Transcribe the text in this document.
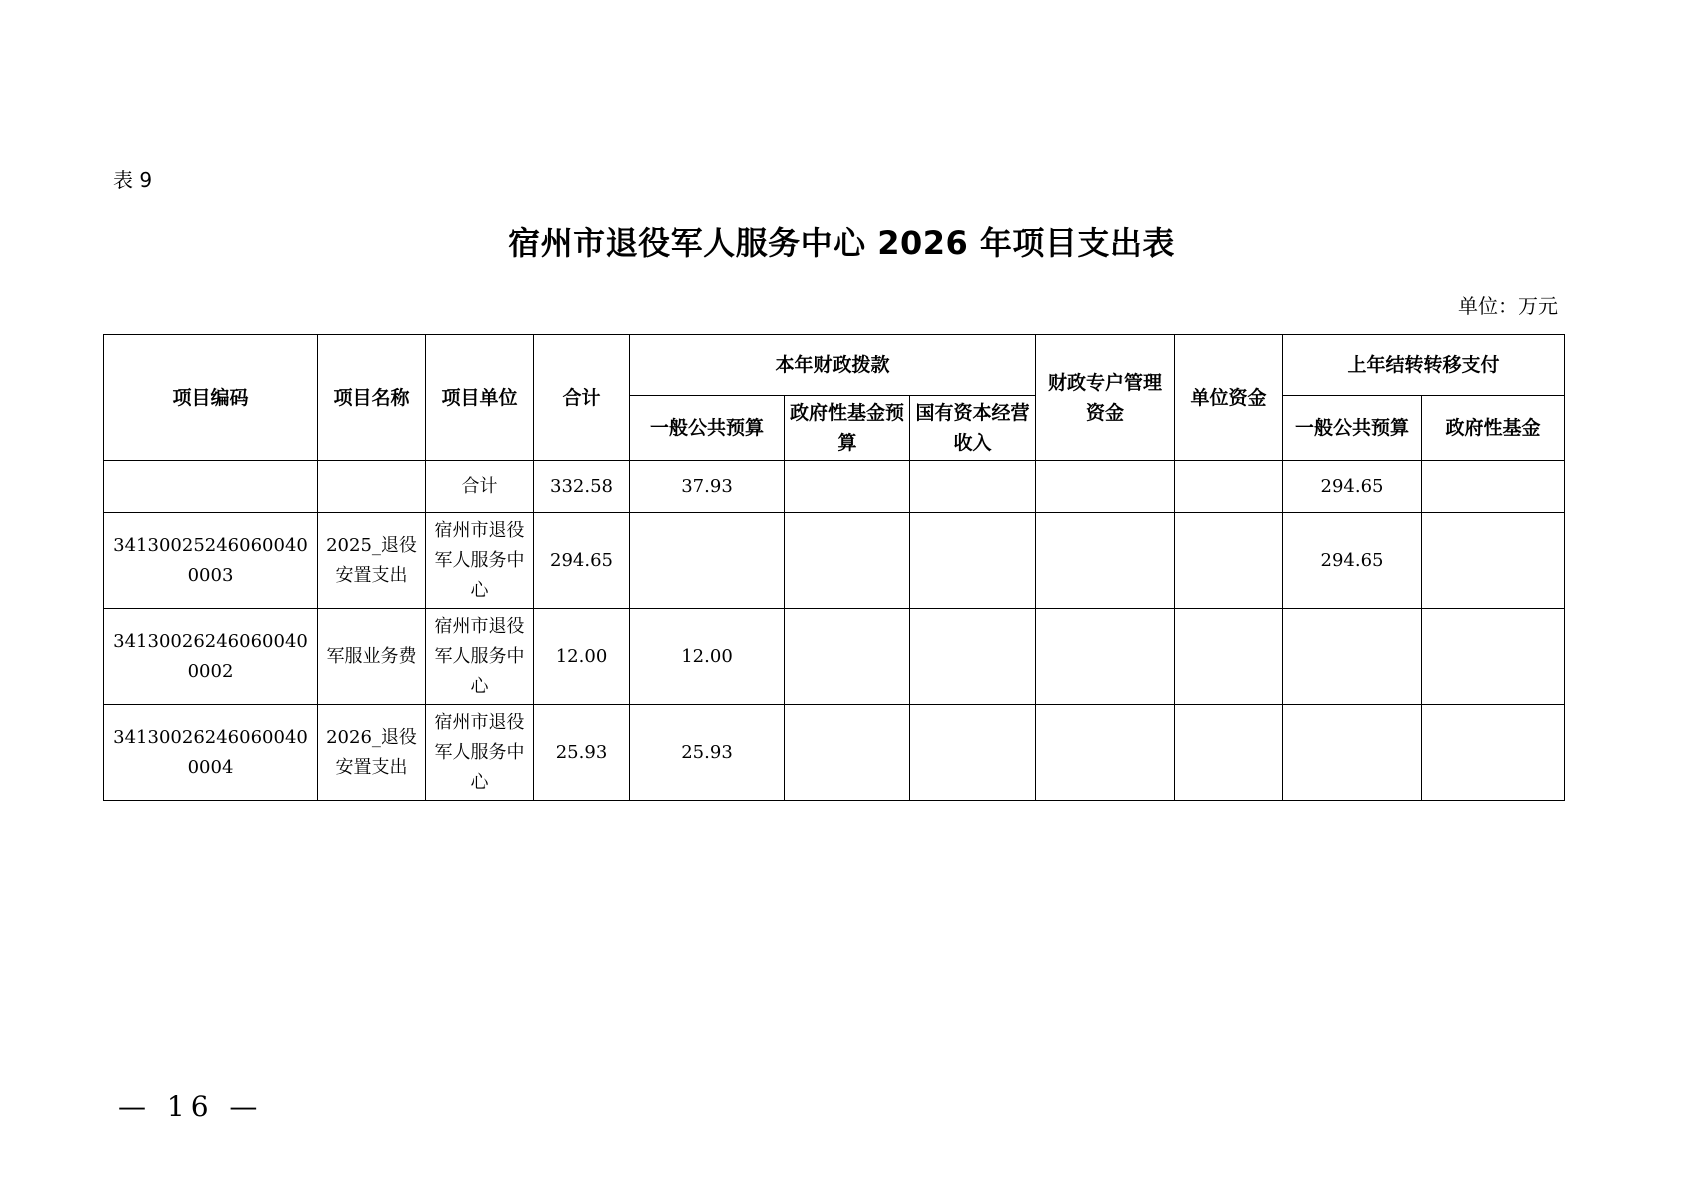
表 9
宿州市退役军人服务中心 2026 年项目支出表
单位：万元
项目编码	项目名称	项目单位	合计	本年财政拨款			财政专户管理资金	单位资金	上年结转转移支付	
				一般公共预算	政府性基金预算	国有资本经营收入			一般公共预算	政府性基金
		合计	332.58	37.93					294.65	
341300252460600400003	2025_退役安置支出	宿州市退役军人服务中心	294.65						294.65	
341300262460600400002	军服业务费	宿州市退役军人服务中心	12.00	12.00						
341300262460600400004	2026_退役安置支出	宿州市退役军人服务中心	25.93	25.93						
— 16 —
